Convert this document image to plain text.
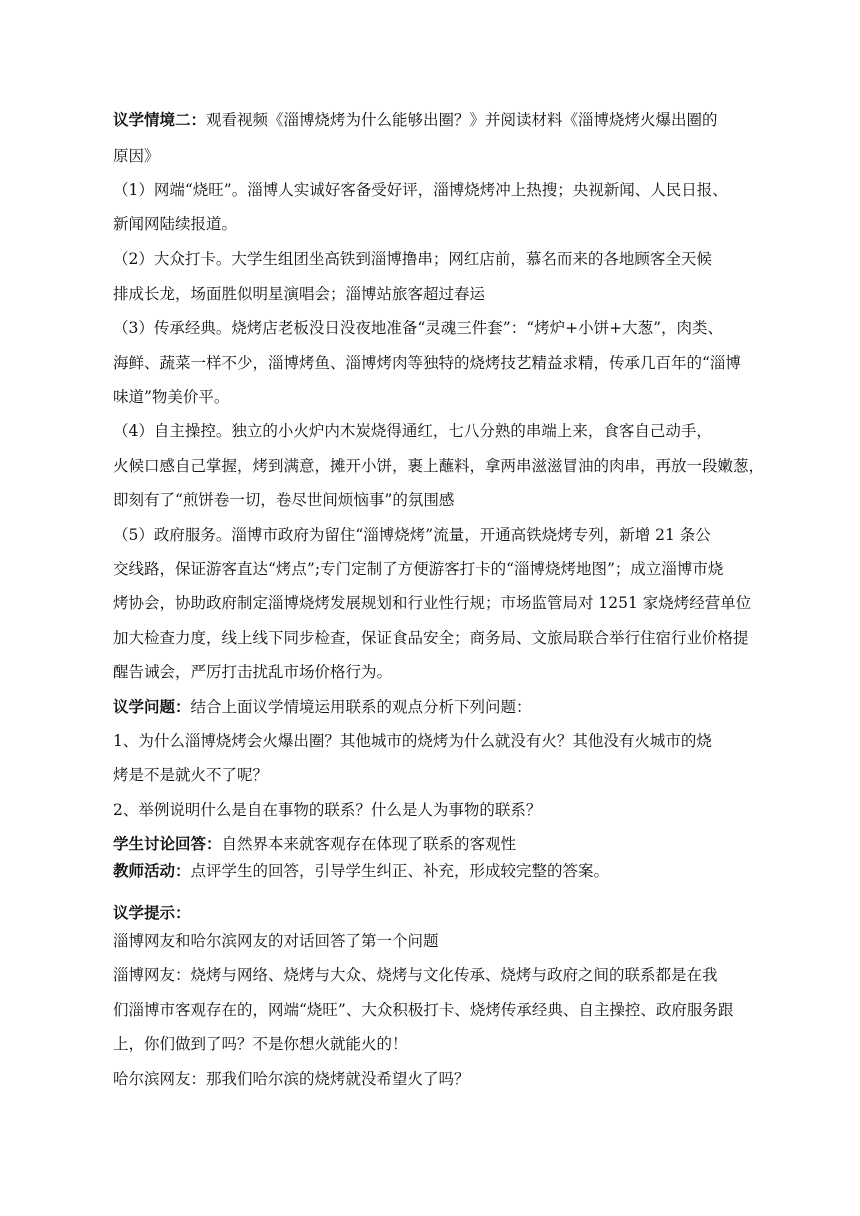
议学情境二：观看视频《淄博烧烤为什么能够出圈？》并阅读材料《淄博烧烤火爆出圈的
原因》
（1）网端“烧旺”。淄博人实诚好客备受好评，淄博烧烤冲上热搜；央视新闻、人民日报、
新闻网陆续报道。
（2）大众打卡。大学生组团坐高铁到淄博撸串；网红店前，慕名而来的各地顾客全天候
排成长龙，场面胜似明星演唱会；淄博站旅客超过春运
（3）传承经典。烧烤店老板没日没夜地准备“灵魂三件套”：“烤炉+小饼+大葱”，肉类、
海鲜、蔬菜一样不少，淄博烤鱼、淄博烤肉等独特的烧烤技艺精益求精，传承几百年的“淄博
味道”物美价平。
（4）自主操控。独立的小火炉内木炭烧得通红，七八分熟的串端上来，食客自己动手，
火候口感自己掌握，烤到满意，摊开小饼，裹上蘸料，拿两串滋滋冒油的肉串，再放一段嫩葱，
即刻有了“煎饼卷一切，卷尽世间烦恼事”的氛围感
（5）政府服务。淄博市政府为留住“淄博烧烤”流量，开通高铁烧烤专列，新增 21 条公
交线路，保证游客直达“烤点”;专门定制了方便游客打卡的“淄博烧烤地图”；成立淄博市烧
烤协会，协助政府制定淄博烧烤发展规划和行业性行规；市场监管局对 1251 家烧烤经营单位
加大检查力度，线上线下同步检查，保证食品安全；商务局、文旅局联合举行住宿行业价格提
醒告诫会，严厉打击扰乱市场价格行为。
议学问题：结合上面议学情境运用联系的观点分析下列问题：
1、为什么淄博烧烤会火爆出圈？其他城市的烧烤为什么就没有火？其他没有火城市的烧
烤是不是就火不了呢？
2、举例说明什么是自在事物的联系？什么是人为事物的联系？
学生讨论回答：自然界本来就客观存在体现了联系的客观性
教师活动：点评学生的回答，引导学生纠正、补充，形成较完整的答案。
议学提示：
淄博网友和哈尔滨网友的对话回答了第一个问题
淄博网友：烧烤与网络、烧烤与大众、烧烤与文化传承、烧烤与政府之间的联系都是在我
们淄博市客观存在的，网端“烧旺”、大众积极打卡、烧烤传承经典、自主操控、政府服务跟
上，你们做到了吗？不是你想火就能火的！
哈尔滨网友：那我们哈尔滨的烧烤就没希望火了吗？
